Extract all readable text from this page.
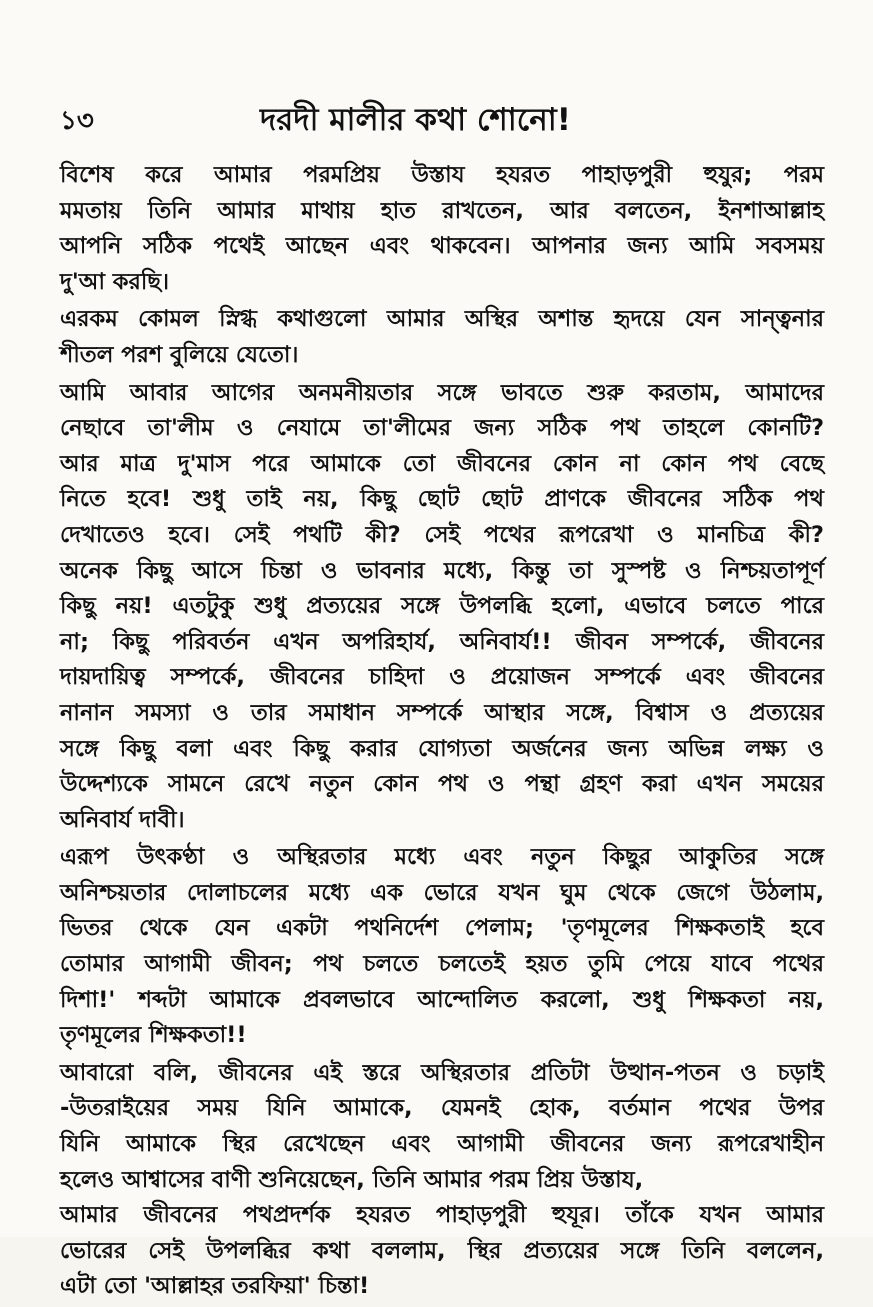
১৩	দরদী মালীর কথা শোনো!
বিশেষ করে আমার পরমপ্রিয় উস্তায হযরত পাহাড়পুরী হুযুর; পরম
মমতায় তিনি আমার মাথায় হাত রাখতেন, আর বলতেন, ইনশাআল্লাহ
আপনি সঠিক পথেই আছেন এবং থাকবেন। আপনার জন্য আমি সবসময়
দু'আ করছি।
এরকম কোমল স্নিগ্ধ কথাগুলো আমার অস্থির অশান্ত হৃদয়ে যেন সান্ত্বনার
শীতল পরশ বুলিয়ে যেতো।
আমি আবার আগের অনমনীয়তার সঙ্গে ভাবতে শুরু করতাম, আমাদের
নেছাবে তা'লীম ও নেযামে তা'লীমের জন্য সঠিক পথ তাহলে কোনটি?
আর মাত্র দু'মাস পরে আমাকে তো জীবনের কোন না কোন পথ বেছে
নিতে হবে! শুধু তাই নয়, কিছু ছোট ছোট প্রাণকে জীবনের সঠিক পথ
দেখাতেও হবে। সেই পথটি কী? সেই পথের রূপরেখা ও মানচিত্র কী?
অনেক কিছু আসে চিন্তা ও ভাবনার মধ্যে, কিন্তু তা সুস্পষ্ট ও নিশ্চয়তাপূর্ণ
কিছু নয়! এতটুকু শুধু প্রত্যয়ের সঙ্গে উপলব্ধি হলো, এভাবে চলতে পারে
না; কিছু পরিবর্তন এখন অপরিহার্য, অনিবার্য!! জীবন সম্পর্কে, জীবনের
দায়দায়িত্ব সম্পর্কে, জীবনের চাহিদা ও প্রয়োজন সম্পর্কে এবং জীবনের
নানান সমস্যা ও তার সমাধান সম্পর্কে আস্থার সঙ্গে, বিশ্বাস ও প্রত্যয়ের
সঙ্গে কিছু বলা এবং কিছু করার যোগ্যতা অর্জনের জন্য অভিন্ন লক্ষ্য ও
উদ্দেশ্যকে সামনে রেখে নতুন কোন পথ ও পন্থা গ্রহণ করা এখন সময়ের
অনিবার্য দাবী।
এরূপ উৎকণ্ঠা ও অস্থিরতার মধ্যে এবং নতুন কিছুর আকুতির সঙ্গে
অনিশ্চয়তার দোলাচলের মধ্যে এক ভোরে যখন ঘুম থেকে জেগে উঠলাম,
ভিতর থেকে যেন একটা পথনির্দেশ পেলাম; 'তৃণমূলের শিক্ষকতাই হবে
তোমার আগামী জীবন; পথ চলতে চলতেই হয়ত তুমি পেয়ে যাবে পথের
দিশা!' শব্দটা আমাকে প্রবলভাবে আন্দোলিত করলো, শুধু শিক্ষকতা নয়,
তৃণমূলের শিক্ষকতা!!
আবারো বলি, জীবনের এই স্তরে অস্থিরতার প্রতিটা উত্থান-পতন ও চড়াই
-উতরাইয়ের সময় যিনি আমাকে, যেমনই হোক, বর্তমান পথের উপর
যিনি আমাকে স্থির রেখেছেন এবং আগামী জীবনের জন্য রূপরেখাহীন
হলেও আশ্বাসের বাণী শুনিয়েছেন, তিনি আমার পরম প্রিয় উস্তায,
আমার জীবনের পথপ্রদর্শক হযরত পাহাড়পুরী হুযূর। তাঁকে যখন আমার
ভোরের সেই উপলব্ধির কথা বললাম, স্থির প্রত্যয়ের সঙ্গে তিনি বললেন,
এটা তো 'আল্লাহর তরফিয়া' চিন্তা!
